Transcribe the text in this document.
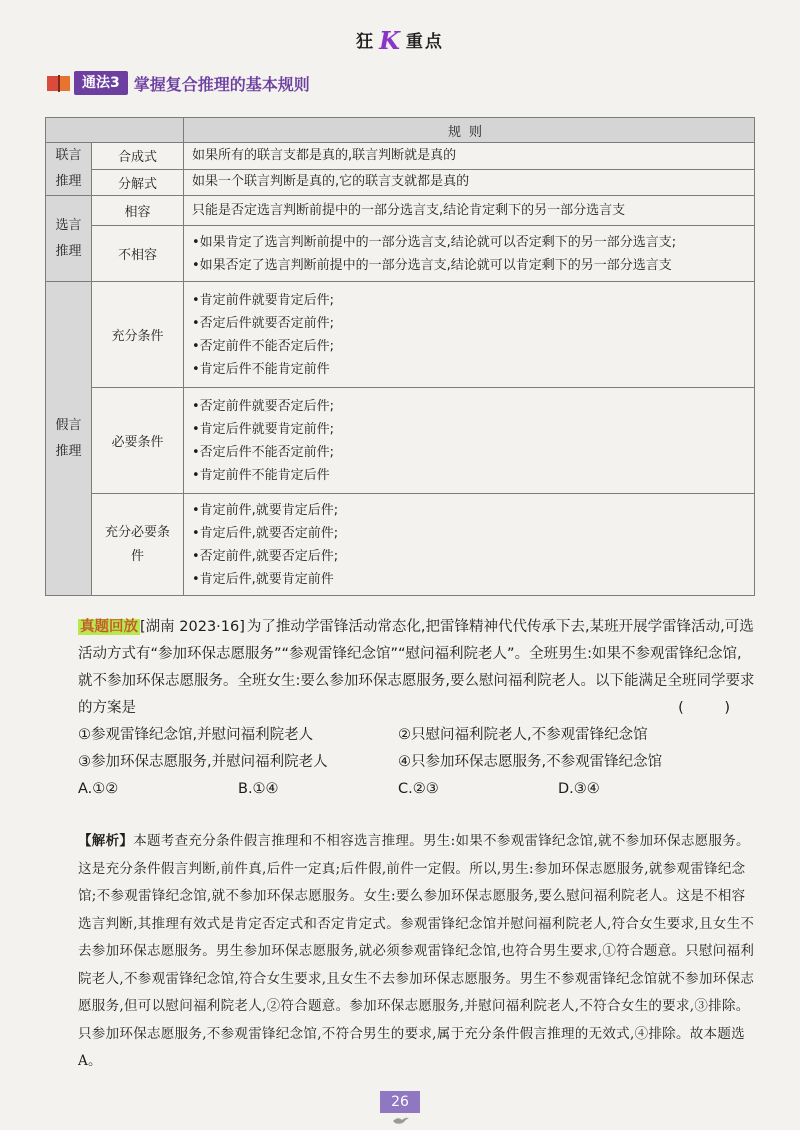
狂 K 重点
通法3 掌握复合推理的基本规则
		规则
联言推理	合成式	如果所有的联言支都是真的,联言判断就是真的
	分解式	如果一个联言判断是真的,它的联言支就都是真的
选言推理	相容	只能是否定选言判断前提中的一部分选言支,结论肯定剩下的另一部分选言支
	不相容	•如果肯定了选言判断前提中的一部分选言支,结论就可以否定剩下的另一部分选言支;
•如果否定了选言判断前提中的一部分选言支,结论就可以肯定剩下的另一部分选言支

假言推理	充分条件	•肯定前件就要肯定后件;
•否定后件就要否定前件;
•否定前件不能否定后件;
•肯定后件不能肯定前件

	必要条件	•否定前件就要否定后件;
•肯定后件就要肯定前件;
•否定后件不能否定前件;
•肯定前件不能肯定后件

	充分必要条件	•肯定前件,就要肯定后件;
•肯定后件,就要否定前件;
•否定前件,就要否定后件;
•肯定后件,就要肯定前件
真题回放 [湖南 2023·16] 为了推动学雷锋活动常态化,把雷锋精神代代传承下去,某班开展学雷锋活动,可选活动方式有“参加环保志愿服务”“参观雷锋纪念馆”“慰问福利院老人”。全班男生:如果不参观雷锋纪念馆,就不参加环保志愿服务。全班女生:要么参加环保志愿服务,要么慰问福利院老人。以下能满足全班同学要求的方案是	( )
①参观雷锋纪念馆,并慰问福利院老人	②只慰问福利院老人,不参观雷锋纪念馆
③参加环保志愿服务,并慰问福利院老人	④只参加环保志愿服务,不参观雷锋纪念馆
A.①②	B.①④	C.②③	D.③④
【解析】本题考查充分条件假言推理和不相容选言推理。男生:如果不参观雷锋纪念馆,就不参加环保志愿服务。这是充分条件假言判断,前件真,后件一定真;后件假,前件一定假。所以,男生:参加环保志愿服务,就参观雷锋纪念馆;不参观雷锋纪念馆,就不参加环保志愿服务。女生:要么参加环保志愿服务,要么慰问福利院老人。这是不相容选言判断,其推理有效式是肯定否定式和否定肯定式。参观雷锋纪念馆并慰问福利院老人,符合女生要求,且女生不去参加环保志愿服务。男生参加环保志愿服务,就必须参观雷锋纪念馆,也符合男生要求,①符合题意。只慰问福利院老人,不参观雷锋纪念馆,符合女生要求,且女生不去参加环保志愿服务。男生不参观雷锋纪念馆就不参加环保志愿服务,但可以慰问福利院老人,②符合题意。参加环保志愿服务,并慰问福利院老人,不符合女生的要求,③排除。只参加环保志愿服务,不参观雷锋纪念馆,不符合男生的要求,属于充分条件假言推理的无效式,④排除。故本题选A。
26
